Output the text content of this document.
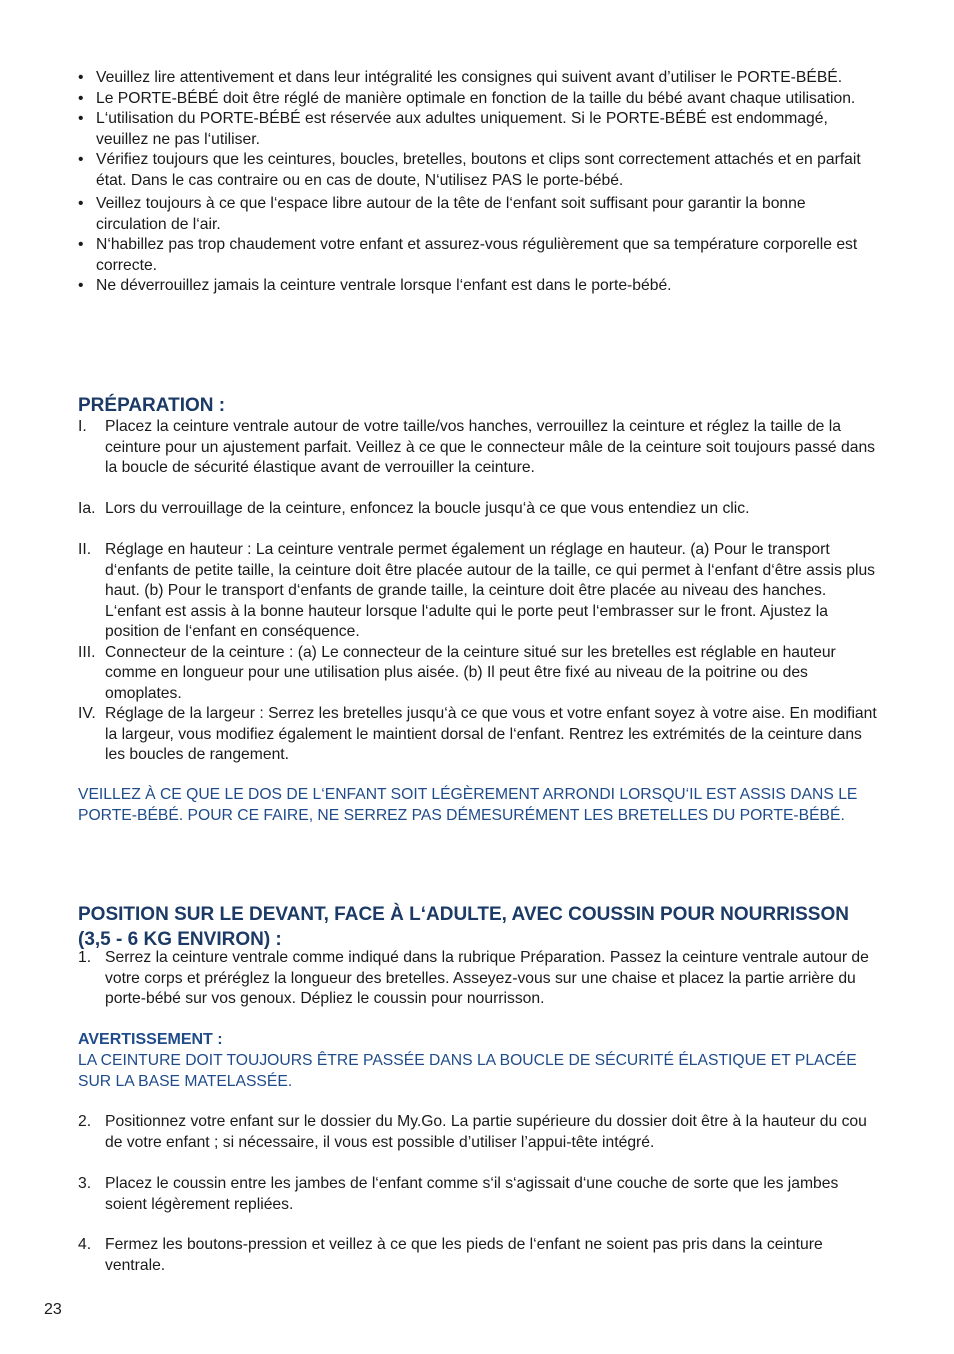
• Veuillez lire attentivement et dans leur intégralité les consignes qui suivent avant d’utiliser le PORTE-BÉBÉ.
• Le PORTE-BÉBÉ doit être réglé de manière optimale en fonction de la taille du bébé avant chaque utilisation.
• L‘utilisation du PORTE-BÉBÉ est réservée aux adultes uniquement. Si le PORTE-BÉBÉ est endommagé, veuillez ne pas l‘utiliser.
• Vérifiez toujours que les ceintures, boucles, bretelles, boutons et clips sont correctement attachés et en parfait état. Dans le cas contraire ou en cas de doute, N‘utilisez PAS le porte-bébé.
• Veillez toujours à ce que l‘espace libre autour de la tête de l‘enfant soit suffisant pour garantir la bonne circulation de l‘air.
• N‘habillez pas trop chaudement votre enfant et assurez-vous régulièrement que sa température corporelle est correcte.
• Ne déverrouillez jamais la ceinture ventrale lorsque l‘enfant est dans le porte-bébé.
PRÉPARATION :
I. Placez la ceinture ventrale autour de votre taille/vos hanches, verrouillez la ceinture et réglez la taille de la ceinture pour un ajustement parfait. Veillez à ce que le connecteur mâle de la ceinture soit toujours passé dans la boucle de sécurité élastique avant de verrouiller la ceinture.
Ia. Lors du verrouillage de la ceinture, enfoncez la boucle jusqu‘à ce que vous entendiez un clic.
II. Réglage en hauteur : La ceinture ventrale permet également un réglage en hauteur. (a) Pour le transport d‘enfants de petite taille, la ceinture doit être placée autour de la taille, ce qui permet à l‘enfant d‘être assis plus haut. (b) Pour le transport d‘enfants de grande taille, la ceinture doit être placée au niveau des hanches. L‘enfant est assis à la bonne hauteur lorsque l‘adulte qui le porte peut l‘embrasser sur le front. Ajustez la position de l‘enfant en conséquence.
III. Connecteur de la ceinture : (a) Le connecteur de la ceinture situé sur les bretelles est réglable en hauteur comme en longueur pour une utilisation plus aisée. (b) Il peut être fixé au niveau de la poitrine ou des omoplates.
IV. Réglage de la largeur : Serrez les bretelles jusqu‘à ce que vous et votre enfant soyez à votre aise. En modifiant la largeur, vous modifiez également le maintient dorsal de l‘enfant. Rentrez les extrémités de la ceinture dans les boucles de rangement.
VEILLEZ À CE QUE LE DOS DE L‘ENFANT SOIT LÉGÈREMENT ARRONDI LORSQU‘IL EST ASSIS DANS LE PORTE-BÉBÉ. POUR CE FAIRE, NE SERREZ PAS DÉMESURÉMENT LES BRETELLES DU PORTE-BÉBÉ.
POSITION SUR LE DEVANT, FACE À L‘ADULTE, AVEC COUSSIN POUR NOURRISSON (3,5 - 6 KG ENVIRON) :
1. Serrez la ceinture ventrale comme indiqué dans la rubrique Préparation. Passez la ceinture ventrale autour de votre corps et préréglez la longueur des bretelles. Asseyez-vous sur une chaise et placez la partie arrière du porte-bébé sur vos genoux. Dépliez le coussin pour nourrisson.
AVERTISSEMENT :
LA CEINTURE DOIT TOUJOURS ÊTRE PASSÉE DANS LA BOUCLE DE SÉCURITÉ ÉLASTIQUE ET PLACÉE SUR LA BASE MATELASSÉE.
2. Positionnez votre enfant sur le dossier du My.Go. La partie supérieure du dossier doit être à la hauteur du cou de votre enfant ; si nécessaire, il vous est possible d’utiliser l’appui-tête intégré.
3. Placez le coussin entre les jambes de l‘enfant comme s‘il s‘agissait d‘une couche de sorte que les jambes soient légèrement repliées.
4. Fermez les boutons-pression et veillez à ce que les pieds de l‘enfant ne soient pas pris dans la ceinture ventrale.
23
